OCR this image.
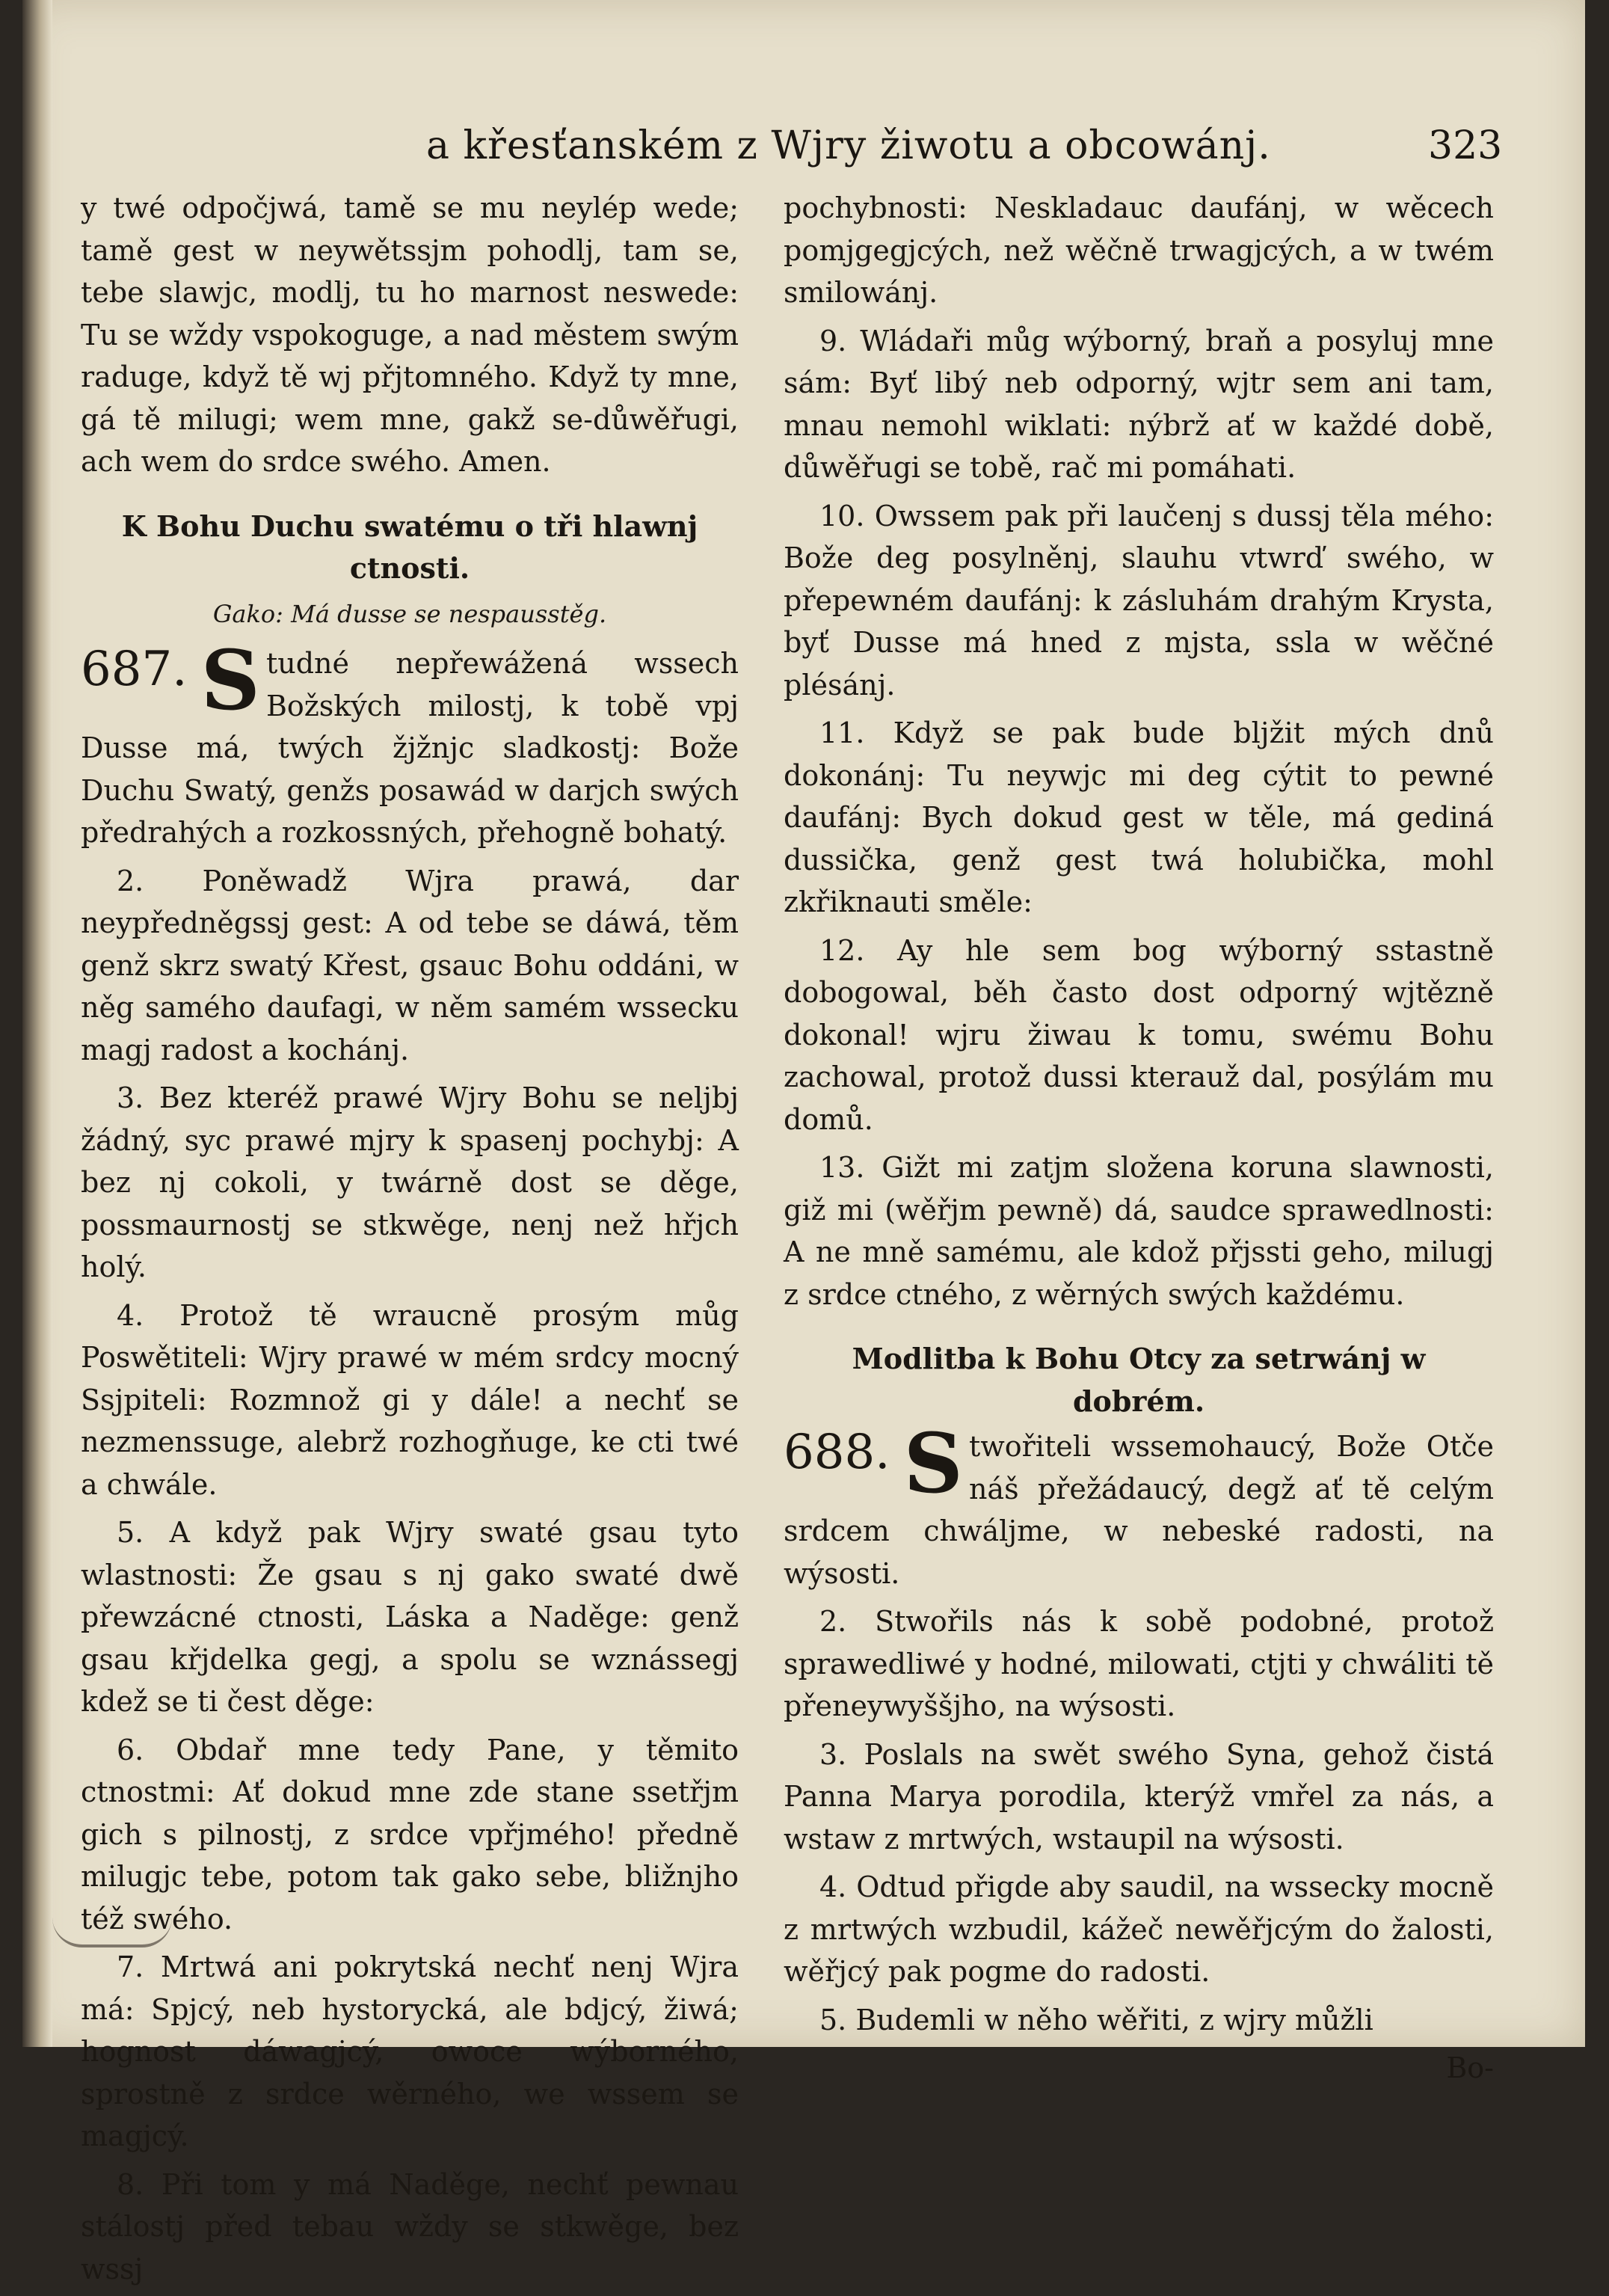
a křesťanském z Wjry žiwotu a obcowánj.	323

y twé odpočjwá, tamě se mu neylép wede; tamě gest w neywětssjm pohodlj, tam se, tebe slawjc, modlj, tu ho marnost neswede: Tu se wždy vspokoguge, a nad městem swým raduge, když tě wj přjtomného. Když ty mne, gá tě milugi; wem mne, gakž se-důwěřugi, ach wem do srdce swého. Amen.

K Bohu Duchu swatému o tři hlawnj ctnosti.
Gako: Má dusse se nespausstěg.

687. S tudné nepřewážená wssech Božských milostj, k tobě vpj Dusse má, twých žjžnjc sladkostj: Bože Duchu Swatý, genžs posawád w darjch swých předrahých a rozkossných, přehogně bohatý.

2. Poněwadž Wjra prawá, dar neypředněgssj gest: A od tebe se dáwá, těm genž skrz swatý Křest, gsauc Bohu oddáni, w něg samého daufagi, w něm samém wssecku magj radost a kochánj.

3. Bez kteréž prawé Wjry Bohu se neljbj žádný, syc prawé mjry k spasenj pochybj: A bez nj cokoli, y twárně dost se děge, possmaurnostj se stkwěge, nenj než hřjch holý.

4. Protož tě wraucně prosým můg Poswětiteli: Wjry prawé w mém srdcy mocný Ssjpiteli: Rozmnož gi y dále! a nechť se nezmenssuge, alebrž rozhogňuge, ke cti twé a chwále.

5. A když pak Wjry swaté gsau tyto wlastnosti: Že gsau s nj gako swaté dwě přewzácné ctnosti, Láska a Naděge: genž gsau křjdelka gegj, a spolu se wznássegj kdež se ti čest děge:

6. Obdař mne tedy Pane, y těmito ctnostmi: Ať dokud mne zde stane ssetřjm gich s pilnostj, z srdce vpřjmého! předně milugjc tebe, potom tak gako sebe, bližnjho též swého.

7. Mrtwá ani pokrytská nechť nenj Wjra má: Spjcý, neb hystorycká, ale bdjcý, žiwá; hognost dáwagjcý, owoce wýborného, sprostně z srdce wěrného, we wssem se magjcý.

8. Při tom y má Naděge, nechť pewnau stálostj před tebau wždy se stkwěge, bez wssj

pochybnosti: Neskladauc daufánj, w wěcech pomjgegjcých, než wěčně trwagjcých, a w twém smilowánj.

9. Wládaři můg wýborný, braň a posyluj mne sám: Byť libý neb odporný, wjtr sem ani tam, mnau nemohl wiklati: nýbrž ať w každé době, důwěřugi se tobě, rač mi pomáhati.

10. Owssem pak při laučenj s dussj těla mého: Bože deg posylněnj, slauhu vtwrď swého, w přepewném daufánj: k zásluhám drahým Krysta, byť Dusse má hned z mjsta, ssla w wěčné plésánj.

11. Když se pak bude bljžit mých dnů dokonánj: Tu neywjc mi deg cýtit to pewné daufánj: Bych dokud gest w těle, má gediná dussička, genž gest twá holubička, mohl zkřiknauti směle:

12. Ay hle sem bog wýborný sstastně dobogowal, běh často dost odporný wjtězně dokonal! wjru žiwau k tomu, swému Bohu zachowal, protož dussi kterauž dal, posýlám mu domů.

13. Gižt mi zatjm složena koruna slawnosti, giž mi (wěřjm pewně) dá, saudce sprawedlnosti: A ne mně samému, ale kdož přjssti geho, milugj z srdce ctného, z wěrných swých každému.

Modlitba k Bohu Otcy za setrwánj w dobrém.

688. S twořiteli wssemohaucý, Bože Otče náš přežádaucý, degž ať tě celým srdcem chwáljme, w nebeské radosti, na wýsosti.

2. Stwořils nás k sobě podobné, protož sprawedliwé y hodné, milowati, ctjti y chwáliti tě přeneywyššjho, na wýsosti.

3. Poslals na swět swého Syna, gehož čistá Panna Marya porodila, kterýž vmřel za nás, a wstaw z mrtwých, wstaupil na wýsosti.

4. Odtud přigde aby saudil, na wssecky mocně z mrtwých wzbudil, kážeč newěřjcým do žalosti, wěřjcý pak pogme do radosti.

5. Budemli w něho wěřiti, z wjry můžli

Bo-
